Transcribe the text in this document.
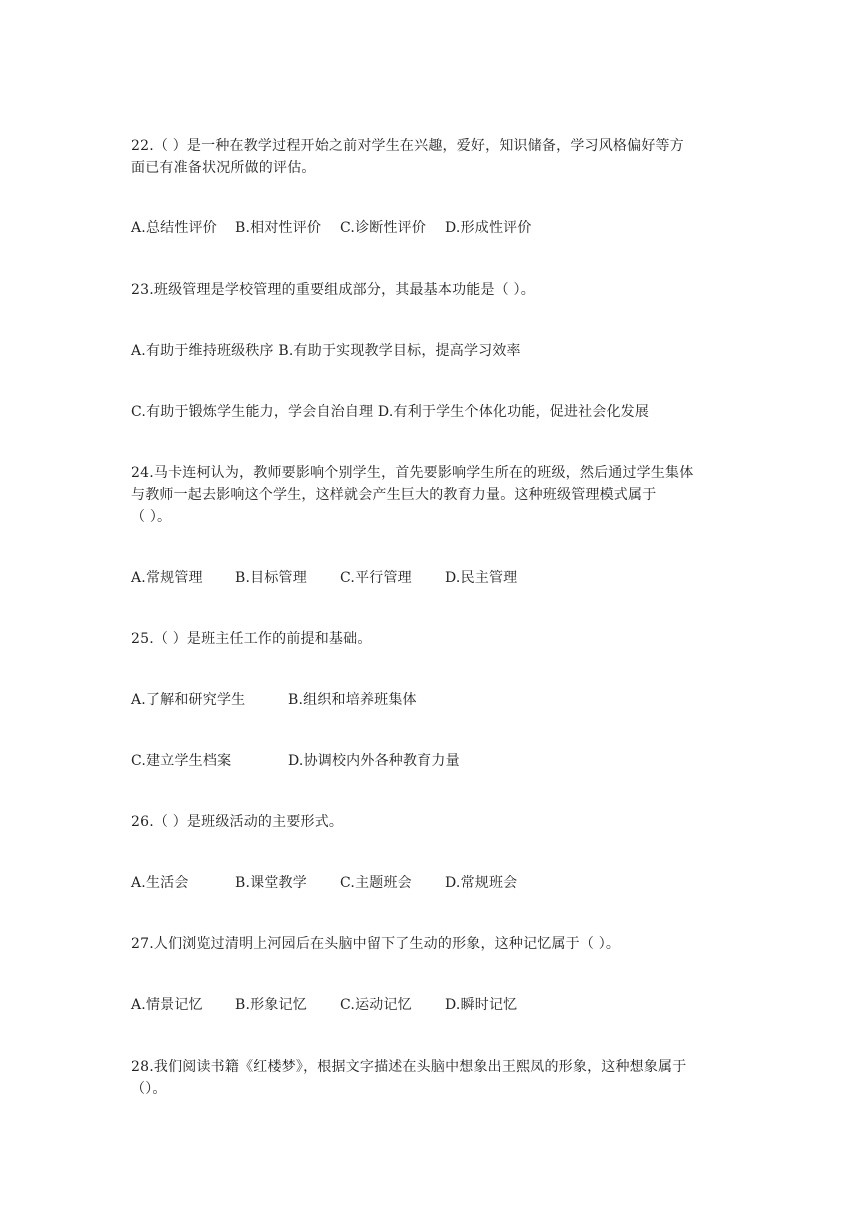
22.（ ）是一种在教学过程开始之前对学生在兴趣，爱好，知识储备，学习风格偏好等方
面已有准备状况所做的评估。
A.总结性评价 B.相对性评价 C.诊断性评价 D.形成性评价
23.班级管理是学校管理的重要组成部分，其最基本功能是（ ）。
A.有助于维持班级秩序 B.有助于实现教学目标，提高学习效率
C.有助于锻炼学生能力，学会自治自理 D.有利于学生个体化功能，促进社会化发展
24.马卡连柯认为，教师要影响个别学生，首先要影响学生所在的班级，然后通过学生集体
与教师一起去影响这个学生，这样就会产生巨大的教育力量。这种班级管理模式属于
（ ）。
A.常规管理 B.目标管理 C.平行管理 D.民主管理
25.（ ）是班主任工作的前提和基础。
A.了解和研究学生	B.组织和培养班集体
C.建立学生档案	D.协调校内外各种教育力量
26.（ ）是班级活动的主要形式。
A.生活会	B.课堂教学 C.主题班会 D.常规班会
27.人们浏览过清明上河园后在头脑中留下了生动的形象，这种记忆属于（ ）。
A.情景记忆 B.形象记忆 C.运动记忆 D.瞬时记忆
28.我们阅读书籍《红楼梦》，根据文字描述在头脑中想象出王熙凤的形象，这种想象属于
（）。
